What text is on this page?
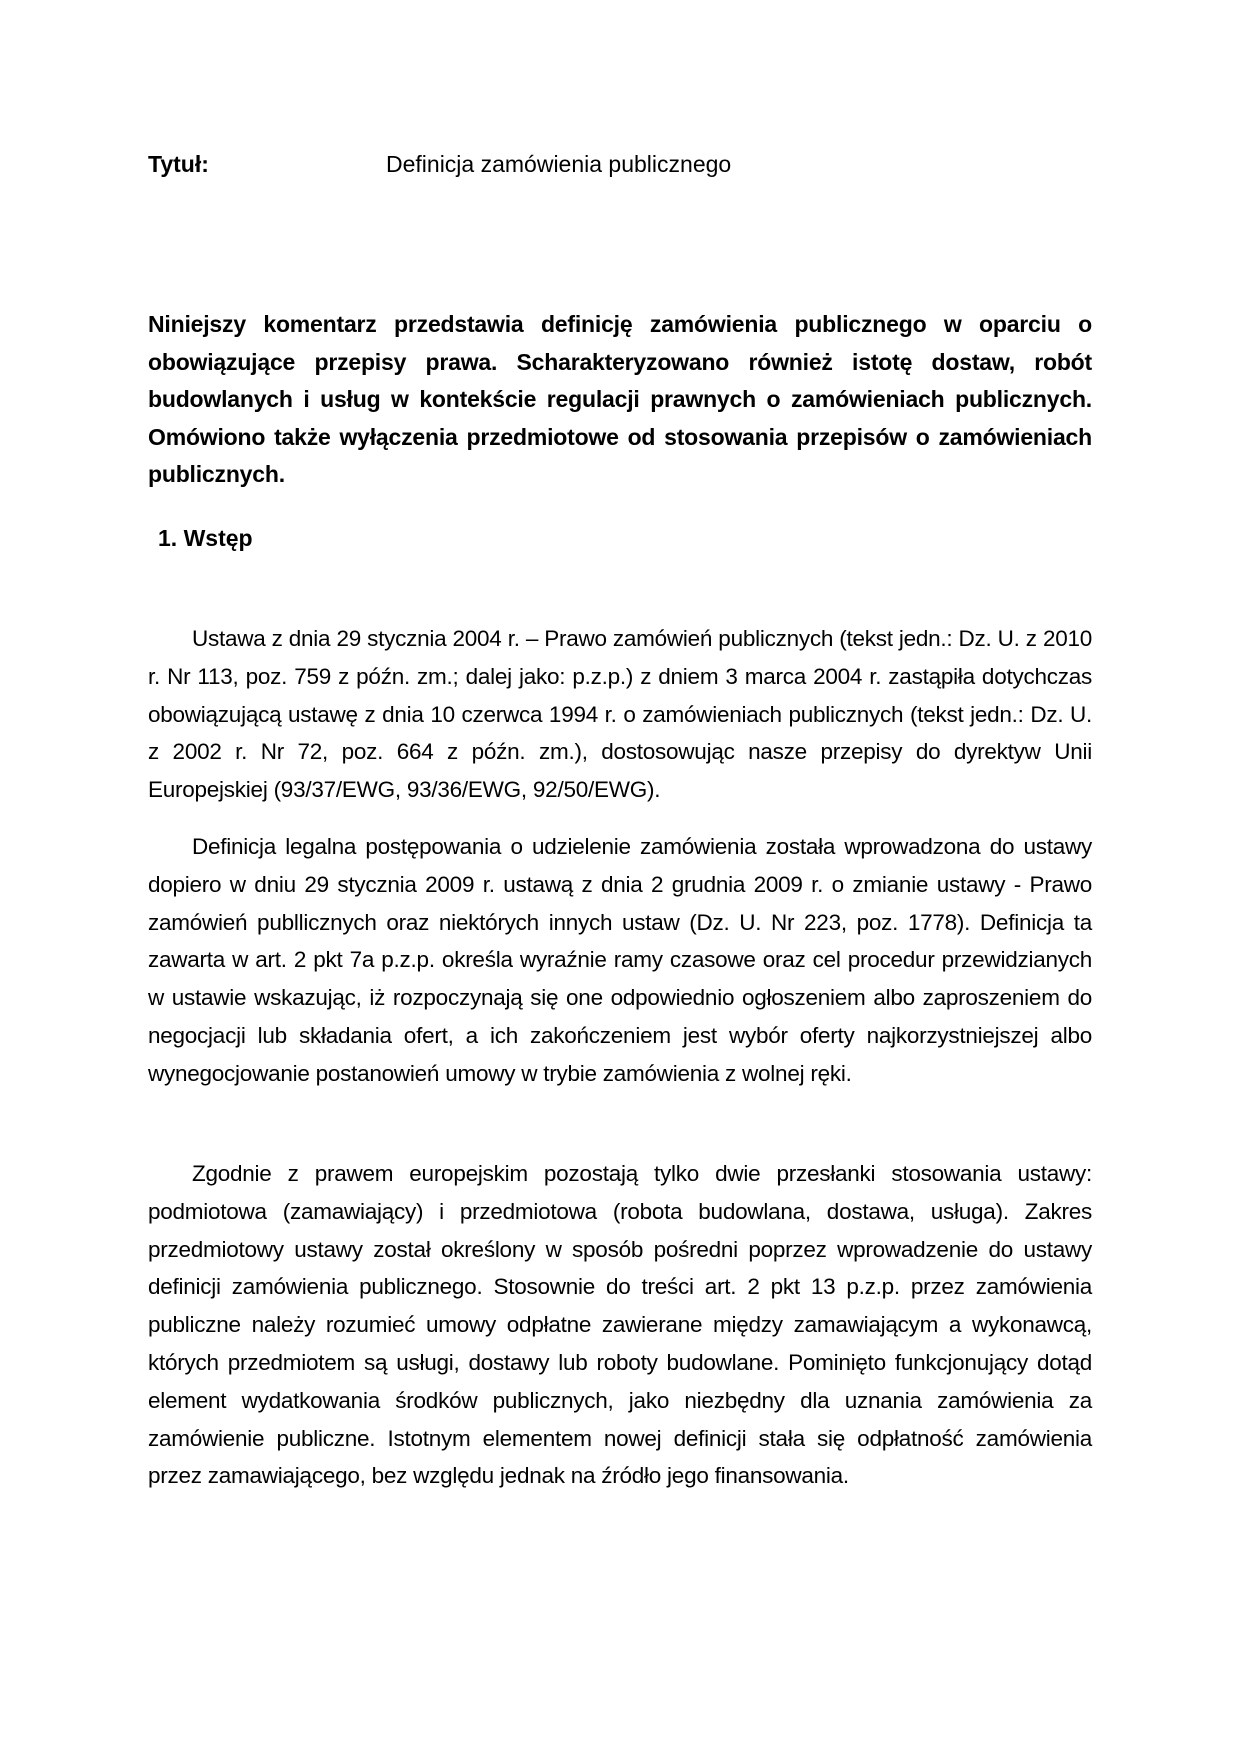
Tytuł:	Definicja zamówienia publicznego

Niniejszy komentarz przedstawia definicję zamówienia publicznego w oparciu o obowiązujące przepisy prawa. Scharakteryzowano również istotę dostaw, robót budowlanych i usług w kontekście regulacji prawnych o zamówieniach publicznych. Omówiono także wyłączenia przedmiotowe od stosowania przepisów o zamówieniach publicznych.

1. Wstęp

Ustawa z dnia 29 stycznia 2004 r. – Prawo zamówień publicznych (tekst jedn.: Dz. U. z 2010 r. Nr 113, poz. 759 z późn. zm.; dalej jako: p.z.p.) z dniem 3 marca 2004 r. zastąpiła dotychczas obowiązującą ustawę z dnia 10 czerwca 1994 r. o zamówieniach publicznych (tekst jedn.: Dz. U. z 2002 r. Nr 72, poz. 664 z późn. zm.), dostosowując nasze przepisy do dyrektyw Unii Europejskiej (93/37/EWG, 93/36/EWG, 92/50/EWG).

Definicja legalna postępowania o udzielenie zamówienia została wprowadzona do ustawy dopiero w dniu 29 stycznia 2009 r. ustawą z dnia 2 grudnia 2009 r. o zmianie ustawy - Prawo zamówień publlicznych oraz niektórych innych ustaw (Dz. U. Nr 223, poz. 1778). Definicja ta zawarta w art. 2 pkt 7a p.z.p. określa wyraźnie ramy czasowe oraz cel procedur przewidzianych w ustawie wskazując, iż rozpoczynają się one odpowiednio ogłoszeniem albo zaproszeniem do negocjacji lub składania ofert, a ich zakończeniem jest wybór oferty najkorzystniejszej albo wynegocjowanie postanowień umowy w trybie zamówienia z wolnej ręki.

Zgodnie z prawem europejskim pozostają tylko dwie przesłanki stosowania ustawy: podmiotowa (zamawiający) i przedmiotowa (robota budowlana, dostawa, usługa). Zakres przedmiotowy ustawy został określony w sposób pośredni poprzez wprowadzenie do ustawy definicji zamówienia publicznego. Stosownie do treści art. 2 pkt 13 p.z.p. przez zamówienia publiczne należy rozumieć umowy odpłatne zawierane między zamawiającym a wykonawcą, których przedmiotem są usługi, dostawy lub roboty budowlane. Pominięto funkcjonujący dotąd element wydatkowania środków publicznych, jako niezbędny dla uznania zamówienia za zamówienie publiczne. Istotnym elementem nowej definicji stała się odpłatność zamówienia przez zamawiającego, bez względu jednak na źródło jego finansowania.
